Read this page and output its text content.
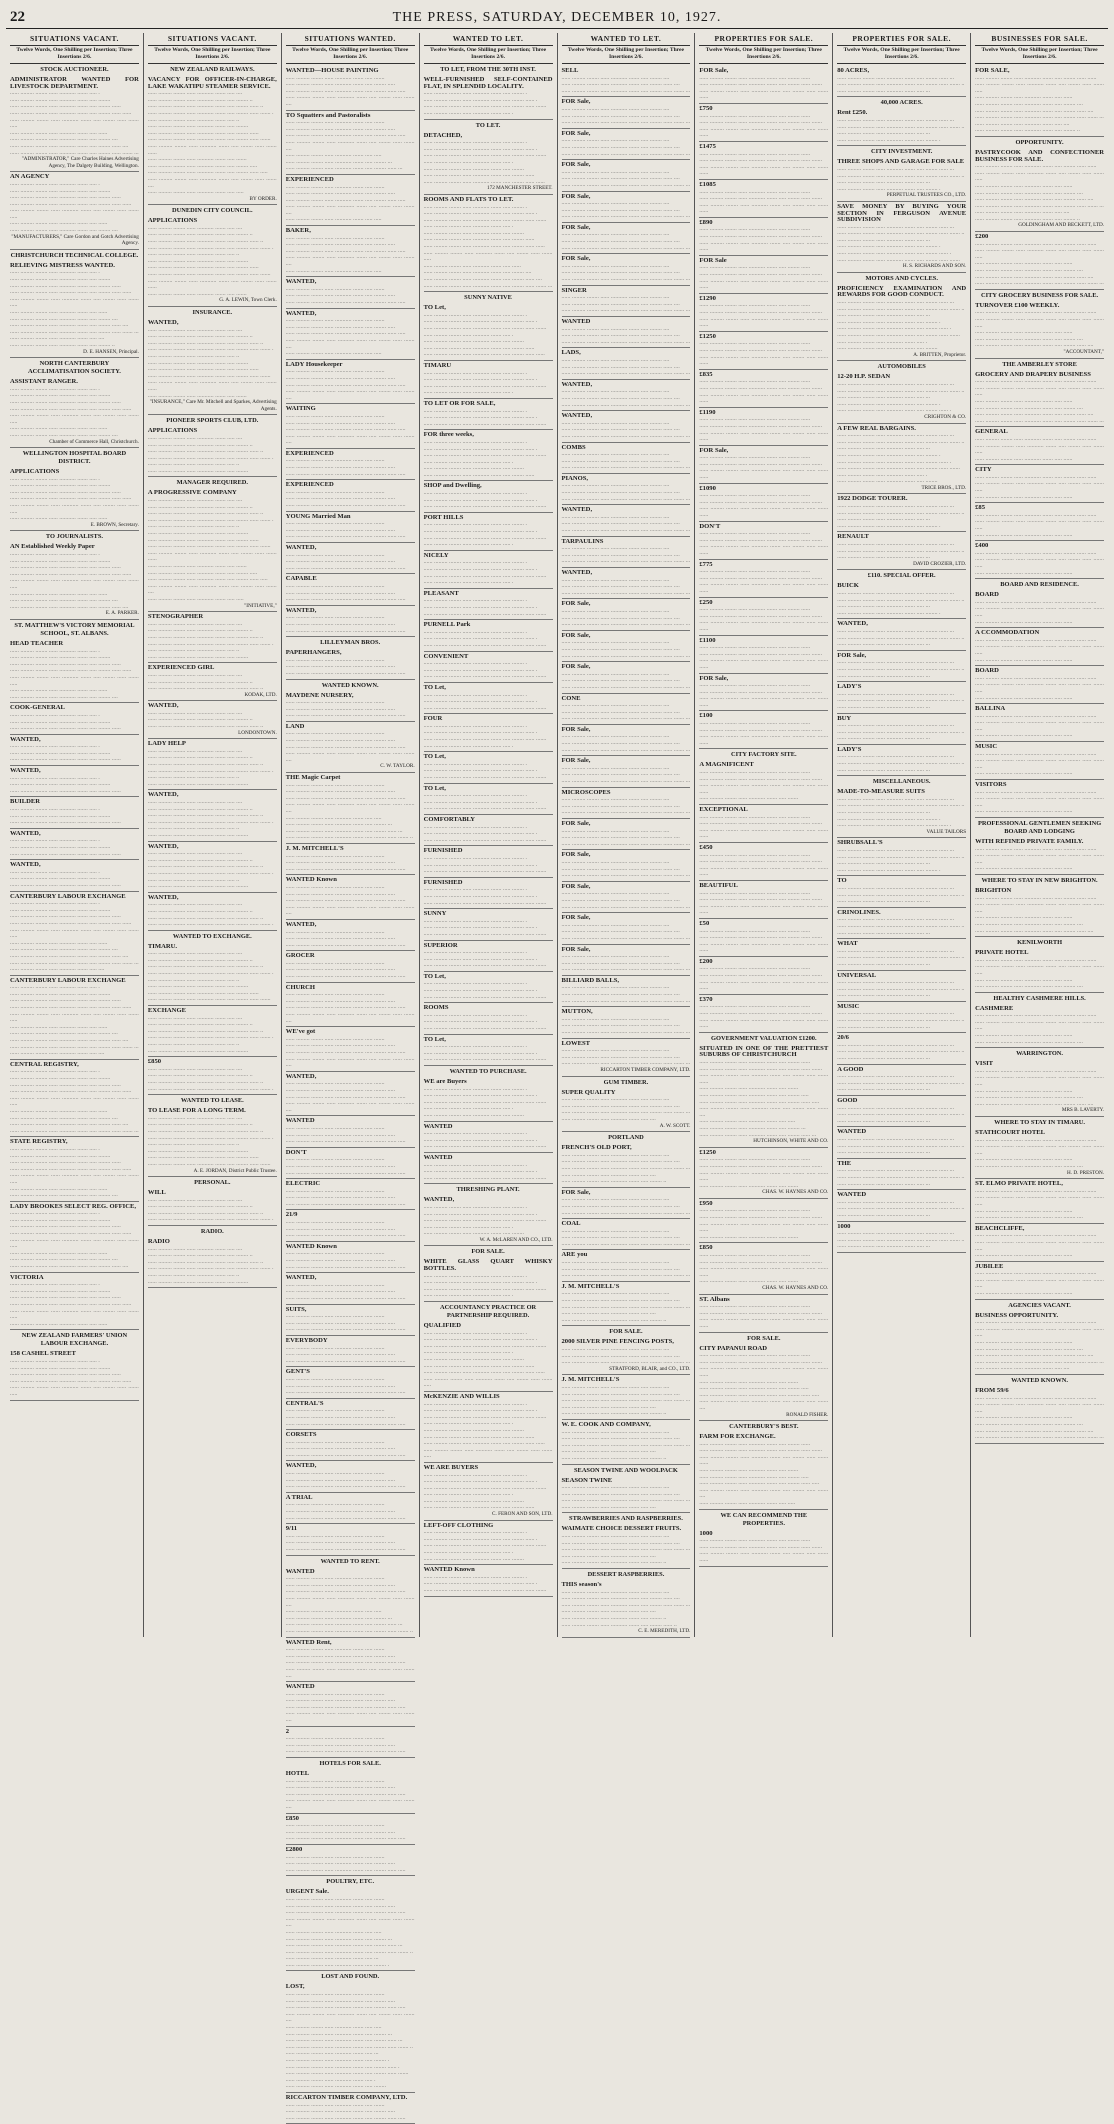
22	THE PRESS, SATURDAY, DECEMBER 10, 1927.
SITUATIONS VACANT.
Twelve Words, One Shilling per Insertion; Three Insertions 2/6.
STOCK AUCTIONEER.
ADMINISTRATOR WANTED FOR LIVESTOCK DEPARTMENT.
...... ......... ........ ...... ........... ....... ..... .
...... ......... ........ ...... ........... ....... ..... ........
...... ......... ........ ...... ........... ....... ..... ........ ......
...... ......... ........ ...... ........... ....... ..... ........ ...... ......
...... ......... ........ ...... ........... ....... ..... ........ ...... ....... .....
...... ......... ........ ...... ........... ....... ..... ......
...... ......... ........ ...... ........... ....... ..... ........ ....
...... ......... ........ ...... ........... ....... ..... ........ ...... ....
...... ......... ........ ...... ........... ....... ..... ........ ...... ....... ...
"ADMINISTRATOR," Care Charles Haines Advertising Agency, The Dalgety Building, Wellington.
AN AGENCY
...... ......... ........ ...... ........... ....... ..... .
...... ......... ........ ...... ........... ....... ..... ........
...... ......... ........ ...... ........... ....... ..... ........ ......
...... ......... ........ ...... ........... ....... ..... ........ ...... ......
...... ......... ........ ...... ........... ....... ..... ........ ...... ....... .....
...... ......... ........ ...... ........... ....... ..... ......
...... ......... ........ ...... ........... ....... ..... ........ ....
"MANUFACTURERS," Care Gordon and Gotch Advertising Agency.
CHRISTCHURCH TECHNICAL COLLEGE.
RELIEVING MISTRESS WANTED.
...... ......... ........ ...... ........... ....... ..... .
...... ......... ........ ...... ........... ....... ..... ........
...... ......... ........ ...... ........... ....... ..... ........ ......
...... ......... ........ ...... ........... ....... ..... ........ ...... ......
...... ......... ........ ...... ........... ....... ..... ........ ...... ....... .....
...... ......... ........ ...... ........... ....... ..... ......
...... ......... ........ ...... ........... ....... ..... ........ ....
...... ......... ........ ...... ........... ....... ..... ........ ...... ....
...... ......... ........ ...... ........... ....... ..... ........ ...... ....... ...
...... ......... ........ ...... ........... ....... ..... ....
...... ......... ........ ...... ........... ....... ..... ........ ..
D. E. HANSEN, Principal.
NORTH CANTERBURY ACCLIMATISATION SOCIETY.
ASSISTANT RANGER.
...... ......... ........ ...... ........... ....... ..... .
...... ......... ........ ...... ........... ....... ..... ........
...... ......... ........ ...... ........... ....... ..... ........ ......
...... ......... ........ ...... ........... ....... ..... ........ ...... ......
...... ......... ........ ...... ........... ....... ..... ........ ...... ....... .....
...... ......... ........ ...... ........... ....... ..... ......
...... ......... ........ ...... ........... ....... ..... ........ ....
Chamber of Commerce Hall, Christchurch.
WELLINGTON HOSPITAL BOARD DISTRICT.
APPLICATIONS
...... ......... ........ ...... ........... ....... ..... .
...... ......... ........ ...... ........... ....... ..... ........
...... ......... ........ ...... ........... ....... ..... ........ ......
...... ......... ........ ...... ........... ....... ..... ........ ...... ......
...... ......... ........ ...... ........... ....... ..... ........ ...... ....... .....
...... ......... ........ ...... ........... ....... ..... ......
E. BROWN, Secretary.
TO JOURNALISTS.
AN Established Weekly Paper
...... ......... ........ ...... ........... ....... ..... .
...... ......... ........ ...... ........... ....... ..... ........
...... ......... ........ ...... ........... ....... ..... ........ ......
...... ......... ........ ...... ........... ....... ..... ........ ...... ......
...... ......... ........ ...... ........... ....... ..... ........ ...... ....... .....
...... ......... ........ ...... ........... ....... ..... ......
...... ......... ........ ...... ........... ....... ..... ........ ....
...... ......... ........ ...... ........... ....... ..... ........ ...... ....
E. A. PARKER.
ST. MATTHEW'S VICTORY MEMORIAL SCHOOL, ST. ALBANS.
HEAD TEACHER
...... ......... ........ ...... ........... ....... ..... .
...... ......... ........ ...... ........... ....... ..... ........
...... ......... ........ ...... ........... ....... ..... ........ ......
...... ......... ........ ...... ........... ....... ..... ........ ...... ......
...... ......... ........ ...... ........... ....... ..... ........ ...... ....... .....
...... ......... ........ ...... ........... ....... ..... ......
...... ......... ........ ...... ........... ....... ..... ........ ....
COOK-GENERAL
...... ......... ........ ...... ........... ....... ..... .
...... ......... ........ ...... ........... ....... ..... ........
...... ......... ........ ...... ........... ....... ..... ........ ......
WANTED,
...... ......... ........ ...... ........... ....... ..... .
...... ......... ........ ...... ........... ....... ..... ........
...... ......... ........ ...... ........... ....... ..... ........ ......
WANTED,
...... ......... ........ ...... ........... ....... ..... .
...... ......... ........ ...... ........... ....... ..... ........
...... ......... ........ ...... ........... ....... ..... ........ ......
BUILDER
...... ......... ........ ...... ........... ....... ..... .
...... ......... ........ ...... ........... ....... ..... ........
...... ......... ........ ...... ........... ....... ..... ........ ......
WANTED,
...... ......... ........ ...... ........... ....... ..... .
...... ......... ........ ...... ........... ....... ..... ........
...... ......... ........ ...... ........... ....... ..... ........ ......
WANTED,
...... ......... ........ ...... ........... ....... ..... .
...... ......... ........ ...... ........... ....... ..... ........
...... ......... ........ ...... ........... ....... ..... ........ ......
CANTERBURY LABOUR EXCHANGE
...... ......... ........ ...... ........... ....... ..... .
...... ......... ........ ...... ........... ....... ..... ........
...... ......... ........ ...... ........... ....... ..... ........ ......
...... ......... ........ ...... ........... ....... ..... ........ ...... ......
...... ......... ........ ...... ........... ....... ..... ........ ...... ....... .....
...... ......... ........ ...... ........... ....... ..... ......
...... ......... ........ ...... ........... ....... ..... ........ ....
...... ......... ........ ...... ........... ....... ..... ........ ...... ....
...... ......... ........ ...... ........... ....... ..... ........ ...... ....... ...
...... ......... ........ ...... ........... ....... ..... ....
CANTERBURY LABOUR EXCHANGE
...... ......... ........ ...... ........... ....... ..... .
...... ......... ........ ...... ........... ....... ..... ........
...... ......... ........ ...... ........... ....... ..... ........ ......
...... ......... ........ ...... ........... ....... ..... ........ ...... ......
...... ......... ........ ...... ........... ....... ..... ........ ...... ....... .....
...... ......... ........ ...... ........... ....... ..... ......
...... ......... ........ ...... ........... ....... ..... ........ ....
...... ......... ........ ...... ........... ....... ..... ........ ...... ....
...... ......... ........ ...... ........... ....... ..... ........ ...... ....... ...
...... ......... ........ ...... ........... ....... ..... ....
CENTRAL REGISTRY,
...... ......... ........ ...... ........... ....... ..... .
...... ......... ........ ...... ........... ....... ..... ........
...... ......... ........ ...... ........... ....... ..... ........ ......
...... ......... ........ ...... ........... ....... ..... ........ ...... ......
...... ......... ........ ...... ........... ....... ..... ........ ...... ....... .....
...... ......... ........ ...... ........... ....... ..... ......
...... ......... ........ ...... ........... ....... ..... ........ ....
...... ......... ........ ...... ........... ....... ..... ........ ...... ....
...... ......... ........ ...... ........... ....... ..... ........ ...... ....... ...
STATE REGISTRY,
...... ......... ........ ...... ........... ....... ..... .
...... ......... ........ ...... ........... ....... ..... ........
...... ......... ........ ...... ........... ....... ..... ........ ......
...... ......... ........ ...... ........... ....... ..... ........ ...... ......
...... ......... ........ ...... ........... ....... ..... ........ ...... ....... .....
...... ......... ........ ...... ........... ....... ..... ......
...... ......... ........ ...... ........... ....... ..... ........ ....
LADY BROOKES SELECT REG. OFFICE,
...... ......... ........ ...... ........... ....... ..... .
...... ......... ........ ...... ........... ....... ..... ........
...... ......... ........ ...... ........... ....... ..... ........ ......
...... ......... ........ ...... ........... ....... ..... ........ ...... ......
...... ......... ........ ...... ........... ....... ..... ........ ...... ....... .....
...... ......... ........ ...... ........... ....... ..... ......
...... ......... ........ ...... ........... ....... ..... ........ ....
...... ......... ........ ...... ........... ....... ..... ........ ...... ....
VICTORIA
...... ......... ........ ...... ........... ....... ..... .
...... ......... ........ ...... ........... ....... ..... ........
...... ......... ........ ...... ........... ....... ..... ........ ......
...... ......... ........ ...... ........... ....... ..... ........ ...... ......
...... ......... ........ ...... ........... ....... ..... ........ ...... ....... .....
...... ......... ........ ...... ........... ....... ..... ......
NEW ZEALAND FARMERS' UNION LABOUR EXCHANGE.
158 CASHEL STREET
...... ......... ........ ...... ........... ....... ..... .
...... ......... ........ ...... ........... ....... ..... ........
...... ......... ........ ...... ........... ....... ..... ........ ......
...... ......... ........ ...... ........... ....... ..... ........ ...... ......
...... ......... ........ ...... ........... ....... ..... ........ ...... ....... .....
SITUATIONS VACANT.
Twelve Words, One Shilling per Insertion; Three Insertions 2/6.
NEW ZEALAND RAILWAYS.
VACANCY FOR OFFICER-IN-CHARGE, LAKE WAKATIPU STEAMER SERVICE.
...... ......... ........ ...... ........... ....... ..... ....
...... ......... ........ ...... ........... ....... ..... ........ ..
...... ......... ........ ...... ........... ....... ..... ........ ...... ..
...... ......... ........ ...... ........... ....... ..... ........ ...... ....... .
...... ......... ........ ...... ........... ....... ..... ..
...... ......... ........ ...... ........... ....... ..... ........
...... ......... ........ ...... ........... ....... ..... ........ ......
...... ......... ........ ...... ........... ....... ..... ........ ...... .......
...... ......... ........ ...... ........... ....... ..... ........ ...... ....... ......
...... ......... ........ ...... ........... ....... ..... .......
...... ......... ........ ...... ........... ....... ..... ........ .....
...... ......... ........ ...... ........... ....... ..... ........ ...... .....
...... ......... ........ ...... ........... ....... ..... ........ ...... ....... ....
...... ......... ........ ...... ........... ....... ..... .....
BY ORDER.
DUNEDIN CITY COUNCIL.
APPLICATIONS
...... ......... ........ ...... ........... ....... ..... ....
...... ......... ........ ...... ........... ....... ..... ........ ..
...... ......... ........ ...... ........... ....... ..... ........ ...... ..
...... ......... ........ ...... ........... ....... ..... ........ ...... ....... .
...... ......... ........ ...... ........... ....... ..... ..
...... ......... ........ ...... ........... ....... ..... ........
...... ......... ........ ...... ........... ....... ..... ........ ......
...... ......... ........ ...... ........... ....... ..... ........ ...... .......
...... ......... ........ ...... ........... ....... ..... ........ ...... ....... ......
...... ......... ........ ...... ........... ....... ..... .......
G. A. LEWIN, Town Clerk.
INSURANCE.
WANTED,
...... ......... ........ ...... ........... ....... ..... ....
...... ......... ........ ...... ........... ....... ..... ........ ..
...... ......... ........ ...... ........... ....... ..... ........ ...... ..
...... ......... ........ ...... ........... ....... ..... ........ ...... ....... .
...... ......... ........ ...... ........... ....... ..... ..
...... ......... ........ ...... ........... ....... ..... ........
...... ......... ........ ...... ........... ....... ..... ........ ......
...... ......... ........ ...... ........... ....... ..... ........ ...... .......
...... ......... ........ ...... ........... ....... ..... ........ ...... ....... ......
...... ......... ........ ...... ........... ....... ..... .......
"INSURANCE," Care Mr. Mitchell and Sparkes, Advertising Agents.
PIONEER SPORTS CLUB, LTD.
APPLICATIONS
...... ......... ........ ...... ........... ....... ..... ....
...... ......... ........ ...... ........... ....... ..... ........ ..
...... ......... ........ ...... ........... ....... ..... ........ ...... ..
...... ......... ........ ...... ........... ....... ..... ........ ...... ....... .
...... ......... ........ ...... ........... ....... ..... ..
...... ......... ........ ...... ........... ....... ..... ........
MANAGER REQUIRED.
A PROGRESSIVE COMPANY
...... ......... ........ ...... ........... ....... ..... ....
...... ......... ........ ...... ........... ....... ..... ........ ..
...... ......... ........ ...... ........... ....... ..... ........ ...... ..
...... ......... ........ ...... ........... ....... ..... ........ ...... ....... .
...... ......... ........ ...... ........... ....... ..... ..
...... ......... ........ ...... ........... ....... ..... ........
...... ......... ........ ...... ........... ....... ..... ........ ......
...... ......... ........ ...... ........... ....... ..... ........ ...... .......
...... ......... ........ ...... ........... ....... ..... ........ ...... ....... ......
...... ......... ........ ...... ........... ....... ..... .......
...... ......... ........ ...... ........... ....... ..... ........ .....
...... ......... ........ ...... ........... ....... ..... ........ ...... .....
...... ......... ........ ...... ........... ....... ..... ........ ...... ....... ....
...... ......... ........ ...... ........... ....... ..... .....
"INITIATIVE,"
STENOGRAPHER
...... ......... ........ ...... ........... ....... ..... ....
...... ......... ........ ...... ........... ....... ..... ........ ..
...... ......... ........ ...... ........... ....... ..... ........ ...... ..
...... ......... ........ ...... ........... ....... ..... ........ ...... ....... .
...... ......... ........ ...... ........... ....... ..... ..
...... ......... ........ ...... ........... ....... ..... ........
EXPERIENCED GIRL
...... ......... ........ ...... ........... ....... ..... ....
...... ......... ........ ...... ........... ....... ..... ........ ..
...... ......... ........ ...... ........... ....... ..... ........ ...... ..
KODAK, LTD.
WANTED,
...... ......... ........ ...... ........... ....... ..... ....
...... ......... ........ ...... ........... ....... ..... ........ ..
...... ......... ........ ...... ........... ....... ..... ........ ...... ..
LONDONTOWN.
LADY HELP
...... ......... ........ ...... ........... ....... ..... ....
...... ......... ........ ...... ........... ....... ..... ........ ..
...... ......... ........ ...... ........... ....... ..... ........ ...... ..
...... ......... ........ ...... ........... ....... ..... ........ ...... ....... .
...... ......... ........ ...... ........... ....... ..... ..
...... ......... ........ ...... ........... ....... ..... ........
WANTED,
...... ......... ........ ...... ........... ....... ..... ....
...... ......... ........ ...... ........... ....... ..... ........ ..
...... ......... ........ ...... ........... ....... ..... ........ ...... ..
...... ......... ........ ...... ........... ....... ..... ........ ...... ....... .
...... ......... ........ ...... ........... ....... ..... ..
...... ......... ........ ...... ........... ....... ..... ........
WANTED,
...... ......... ........ ...... ........... ....... ..... ....
...... ......... ........ ...... ........... ....... ..... ........ ..
...... ......... ........ ...... ........... ....... ..... ........ ...... ..
...... ......... ........ ...... ........... ....... ..... ........ ...... ....... .
...... ......... ........ ...... ........... ....... ..... ..
...... ......... ........ ...... ........... ....... ..... ........
WANTED,
...... ......... ........ ...... ........... ....... ..... ....
...... ......... ........ ...... ........... ....... ..... ........ ..
...... ......... ........ ...... ........... ....... ..... ........ ...... ..
...... ......... ........ ...... ........... ....... ..... ........ ...... ....... .
WANTED TO EXCHANGE.
TIMARU.
...... ......... ........ ...... ........... ....... ..... ....
...... ......... ........ ...... ........... ....... ..... ........ ..
...... ......... ........ ...... ........... ....... ..... ........ ...... ..
...... ......... ........ ...... ........... ....... ..... ........ ...... ....... .
...... ......... ........ ...... ........... ....... ..... ..
...... ......... ........ ...... ........... ....... ..... ........
...... ......... ........ ...... ........... ....... ..... ........ ......
...... ......... ........ ...... ........... ....... ..... ........ ...... .......
EXCHANGE
...... ......... ........ ...... ........... ....... ..... ....
...... ......... ........ ...... ........... ....... ..... ........ ..
...... ......... ........ ...... ........... ....... ..... ........ ...... ..
...... ......... ........ ...... ........... ....... ..... ........ ...... ....... .
...... ......... ........ ...... ........... ....... ..... ..
...... ......... ........ ...... ........... ....... ..... ........
£850
...... ......... ........ ...... ........... ....... ..... ....
...... ......... ........ ...... ........... ....... ..... ........ ..
...... ......... ........ ...... ........... ....... ..... ........ ...... ..
...... ......... ........ ...... ........... ....... ..... ........ ...... ....... .
WANTED TO LEASE.
TO LEASE FOR A LONG TERM.
...... ......... ........ ...... ........... ....... ..... ....
...... ......... ........ ...... ........... ....... ..... ........ ..
...... ......... ........ ...... ........... ....... ..... ........ ...... ..
...... ......... ........ ...... ........... ....... ..... ........ ...... ....... .
...... ......... ........ ...... ........... ....... ..... ..
...... ......... ........ ...... ........... ....... ..... ........
...... ......... ........ ...... ........... ....... ..... ........ ......
...... ......... ........ ...... ........... ....... ..... ........ ...... .......
A. E. JORDAN, District Public Trustee.
PERSONAL.
WILL
...... ......... ........ ...... ........... ....... ..... ....
...... ......... ........ ...... ........... ....... ..... ........ ..
...... ......... ........ ...... ........... ....... ..... ........ ...... ..
...... ......... ........ ...... ........... ....... ..... ........ ...... ....... .
RADIO.
RADIO
...... ......... ........ ...... ........... ....... ..... ....
...... ......... ........ ...... ........... ....... ..... ........ ..
...... ......... ........ ...... ........... ....... ..... ........ ...... ..
...... ......... ........ ...... ........... ....... ..... ........ ...... ....... .
...... ......... ........ ...... ........... ....... ..... ..
...... ......... ........ ...... ........... ....... ..... ........
SITUATIONS WANTED.
Twelve Words, One Shilling per Insertion; Three Insertions 2/6.
WANTED—HOUSE PAINTING
...... ......... ........ ...... ........... ....... ..... .......
...... ......... ........ ...... ........... ....... ..... ........ .....
...... ......... ........ ...... ........... ....... ..... ........ ...... .....
...... ......... ........ ...... ........... ....... ..... ........ ...... ....... ....
TO Squatters and Pastoralists
...... ......... ........ ...... ........... ....... ..... .......
...... ......... ........ ...... ........... ....... ..... ........ .....
...... ......... ........ ...... ........... ....... ..... ........ ...... .....
...... ......... ........ ...... ........... ....... ..... ........ ...... ....... ....
...... ......... ........ ...... ........... ....... ..... .....
...... ......... ........ ...... ........... ....... ..... ........ ...
...... ......... ........ ...... ........... ....... ..... ........ ...... ...
EXPERIENCED
...... ......... ........ ...... ........... ....... ..... .......
...... ......... ........ ...... ........... ....... ..... ........ .....
...... ......... ........ ...... ........... ....... ..... ........ ...... .....
...... ......... ........ ...... ........... ....... ..... ........ ...... ....... ....
...... ......... ........ ...... ........... ....... ..... .....
BAKER,
...... ......... ........ ...... ........... ....... ..... .......
...... ......... ........ ...... ........... ....... ..... ........ .....
...... ......... ........ ...... ........... ....... ..... ........ ...... .....
...... ......... ........ ...... ........... ....... ..... ........ ...... ....... ....
...... ......... ........ ...... ........... ....... ..... .....
WANTED,
...... ......... ........ ...... ........... ....... ..... .......
...... ......... ........ ...... ........... ....... ..... ........ .....
...... ......... ........ ...... ........... ....... ..... ........ ...... .....
WANTED,
...... ......... ........ ...... ........... ....... ..... .......
...... ......... ........ ...... ........... ....... ..... ........ .....
...... ......... ........ ...... ........... ....... ..... ........ ...... .....
...... ......... ........ ...... ........... ....... ..... ........ ...... ....... ....
...... ......... ........ ...... ........... ....... ..... .....
LADY Housekeeper
...... ......... ........ ...... ........... ....... ..... .......
...... ......... ........ ...... ........... ....... ..... ........ .....
...... ......... ........ ...... ........... ....... ..... ........ ...... .....
...... ......... ........ ...... ........... ....... ..... ........ ...... ....... ....
WAITING
...... ......... ........ ...... ........... ....... ..... .......
...... ......... ........ ...... ........... ....... ..... ........ .....
...... ......... ........ ...... ........... ....... ..... ........ ...... .....
...... ......... ........ ...... ........... ....... ..... ........ ...... ....... ....
EXPERIENCED
...... ......... ........ ...... ........... ....... ..... .......
...... ......... ........ ...... ........... ....... ..... ........ .....
...... ......... ........ ...... ........... ....... ..... ........ ...... .....
EXPERIENCED
...... ......... ........ ...... ........... ....... ..... .......
...... ......... ........ ...... ........... ....... ..... ........ .....
...... ......... ........ ...... ........... ....... ..... ........ ...... .....
YOUNG Married Man
...... ......... ........ ...... ........... ....... ..... .......
...... ......... ........ ...... ........... ....... ..... ........ .....
...... ......... ........ ...... ........... ....... ..... ........ ...... .....
WANTED,
...... ......... ........ ...... ........... ....... ..... .......
...... ......... ........ ...... ........... ....... ..... ........ .....
...... ......... ........ ...... ........... ....... ..... ........ ...... .....
CAPABLE
...... ......... ........ ...... ........... ....... ..... .......
...... ......... ........ ...... ........... ....... ..... ........ .....
...... ......... ........ ...... ........... ....... ..... ........ ...... .....
WANTED,
...... ......... ........ ...... ........... ....... ..... .......
...... ......... ........ ...... ........... ....... ..... ........ .....
...... ......... ........ ...... ........... ....... ..... ........ ...... .....
LILLEYMAN BROS.
PAPERHANGERS,
...... ......... ........ ...... ........... ....... ..... .......
...... ......... ........ ...... ........... ....... ..... ........ .....
...... ......... ........ ...... ........... ....... ..... ........ ...... .....
WANTED KNOWN.
MAYDENE NURSERY,
...... ......... ........ ...... ........... ....... ..... .......
...... ......... ........ ...... ........... ....... ..... ........ .....
...... ......... ........ ...... ........... ....... ..... ........ ...... .....
LAND
...... ......... ........ ...... ........... ....... ..... .......
...... ......... ........ ...... ........... ....... ..... ........ .....
...... ......... ........ ...... ........... ....... ..... ........ ...... .....
...... ......... ........ ...... ........... ....... ..... ........ ...... ....... ....
C. W. TAYLOR.
THE Magic Carpet
...... ......... ........ ...... ........... ....... ..... .......
...... ......... ........ ...... ........... ....... ..... ........ .....
...... ......... ........ ...... ........... ....... ..... ........ ...... .....
...... ......... ........ ...... ........... ....... ..... ........ ...... ....... ....
...... ......... ........ ...... ........... ....... ..... .....
...... ......... ........ ...... ........... ....... ..... ........ ...
...... ......... ........ ...... ........... ....... ..... ........ ...... ...
...... ......... ........ ...... ........... ....... ..... ........ ...... ....... ..
J. M. MITCHELL'S
...... ......... ........ ...... ........... ....... ..... .......
...... ......... ........ ...... ........... ....... ..... ........ .....
...... ......... ........ ...... ........... ....... ..... ........ ...... .....
WANTED Known
...... ......... ........ ...... ........... ....... ..... .......
...... ......... ........ ...... ........... ....... ..... ........ .....
...... ......... ........ ...... ........... ....... ..... ........ ...... .....
...... ......... ........ ...... ........... ....... ..... ........ ...... ....... ....
WANTED,
...... ......... ........ ...... ........... ....... ..... .......
...... ......... ........ ...... ........... ....... ..... ........ .....
...... ......... ........ ...... ........... ....... ..... ........ ...... .....
GROCER
...... ......... ........ ...... ........... ....... ..... .......
...... ......... ........ ...... ........... ....... ..... ........ .....
...... ......... ........ ...... ........... ....... ..... ........ ...... .....
CHURCH
...... ......... ........ ...... ........... ....... ..... .......
...... ......... ........ ...... ........... ....... ..... ........ .....
...... ......... ........ ...... ........... ....... ..... ........ ...... .....
...... ......... ........ ...... ........... ....... ..... ........ ...... ....... ....
WE've got
...... ......... ........ ...... ........... ....... ..... .......
...... ......... ........ ...... ........... ....... ..... ........ .....
...... ......... ........ ...... ........... ....... ..... ........ ...... .....
...... ......... ........ ...... ........... ....... ..... ........ ...... ....... ....
WANTED,
...... ......... ........ ...... ........... ....... ..... .......
...... ......... ........ ...... ........... ....... ..... ........ .....
...... ......... ........ ...... ........... ....... ..... ........ ...... .....
...... ......... ........ ...... ........... ....... ..... ........ ...... ....... ....
WANTED
...... ......... ........ ...... ........... ....... ..... .......
...... ......... ........ ...... ........... ....... ..... ........ .....
...... ......... ........ ...... ........... ....... ..... ........ ...... .....
DON'T
...... ......... ........ ...... ........... ....... ..... .......
...... ......... ........ ...... ........... ....... ..... ........ .....
...... ......... ........ ...... ........... ....... ..... ........ ...... .....
ELECTRIC
...... ......... ........ ...... ........... ....... ..... .......
...... ......... ........ ...... ........... ....... ..... ........ .....
...... ......... ........ ...... ........... ....... ..... ........ ...... .....
21/9
...... ......... ........ ...... ........... ....... ..... .......
...... ......... ........ ...... ........... ....... ..... ........ .....
...... ......... ........ ...... ........... ....... ..... ........ ...... .....
WANTED Known
...... ......... ........ ...... ........... ....... ..... .......
...... ......... ........ ...... ........... ....... ..... ........ .....
...... ......... ........ ...... ........... ....... ..... ........ ...... .....
WANTED,
...... ......... ........ ...... ........... ....... ..... .......
...... ......... ........ ...... ........... ....... ..... ........ .....
...... ......... ........ ...... ........... ....... ..... ........ ...... .....
SUITS,
...... ......... ........ ...... ........... ....... ..... .......
...... ......... ........ ...... ........... ....... ..... ........ .....
...... ......... ........ ...... ........... ....... ..... ........ ...... .....
EVERYBODY
...... ......... ........ ...... ........... ....... ..... .......
...... ......... ........ ...... ........... ....... ..... ........ .....
...... ......... ........ ...... ........... ....... ..... ........ ...... .....
GENT'S
...... ......... ........ ...... ........... ....... ..... .......
...... ......... ........ ...... ........... ....... ..... ........ .....
...... ......... ........ ...... ........... ....... ..... ........ ...... .....
CENTRAL'S
...... ......... ........ ...... ........... ....... ..... .......
...... ......... ........ ...... ........... ....... ..... ........ .....
...... ......... ........ ...... ........... ....... ..... ........ ...... .....
CORSETS
...... ......... ........ ...... ........... ....... ..... .......
...... ......... ........ ...... ........... ....... ..... ........ .....
...... ......... ........ ...... ........... ....... ..... ........ ...... .....
WANTED,
...... ......... ........ ...... ........... ....... ..... .......
...... ......... ........ ...... ........... ....... ..... ........ .....
...... ......... ........ ...... ........... ....... ..... ........ ...... .....
A TRIAL
...... ......... ........ ...... ........... ....... ..... .......
...... ......... ........ ...... ........... ....... ..... ........ .....
...... ......... ........ ...... ........... ....... ..... ........ ...... .....
9/11
...... ......... ........ ...... ........... ....... ..... .......
...... ......... ........ ...... ........... ....... ..... ........ .....
...... ......... ........ ...... ........... ....... ..... ........ ...... .....
WANTED TO RENT.
WANTED
...... ......... ........ ...... ........... ....... ..... .......
...... ......... ........ ...... ........... ....... ..... ........ .....
...... ......... ........ ...... ........... ....... ..... ........ ...... .....
...... ......... ........ ...... ........... ....... ..... ........ ...... ....... ....
...... ......... ........ ...... ........... ....... ..... .....
...... ......... ........ ...... ........... ....... ..... ........ ...
...... ......... ........ ...... ........... ....... ..... ........ ...... ...
...... ......... ........ ...... ........... ....... ..... ........ ...... ....... ..
WANTED Rent,
...... ......... ........ ...... ........... ....... ..... .......
...... ......... ........ ...... ........... ....... ..... ........ .....
...... ......... ........ ...... ........... ....... ..... ........ ...... .....
...... ......... ........ ...... ........... ....... ..... ........ ...... ....... ....
WANTED
...... ......... ........ ...... ........... ....... ..... .......
...... ......... ........ ...... ........... ....... ..... ........ .....
...... ......... ........ ...... ........... ....... ..... ........ ...... .....
...... ......... ........ ...... ........... ....... ..... ........ ...... ....... ....
2
...... ......... ........ ...... ........... ....... ..... .......
...... ......... ........ ...... ........... ....... ..... ........ .....
...... ......... ........ ...... ........... ....... ..... ........ ...... .....
HOTELS FOR SALE.
HOTEL
...... ......... ........ ...... ........... ....... ..... .......
...... ......... ........ ...... ........... ....... ..... ........ .....
...... ......... ........ ...... ........... ....... ..... ........ ...... .....
...... ......... ........ ...... ........... ....... ..... ........ ...... ....... ....
£850
...... ......... ........ ...... ........... ....... ..... .......
...... ......... ........ ...... ........... ....... ..... ........ .....
...... ......... ........ ...... ........... ....... ..... ........ ...... .....
£2800
...... ......... ........ ...... ........... ....... ..... .......
...... ......... ........ ...... ........... ....... ..... ........ .....
...... ......... ........ ...... ........... ....... ..... ........ ...... .....
POULTRY, ETC.
URGENT Sale.
...... ......... ........ ...... ........... ....... ..... .......
...... ......... ........ ...... ........... ....... ..... ........ .....
...... ......... ........ ...... ........... ....... ..... ........ ...... .....
...... ......... ........ ...... ........... ....... ..... ........ ...... ....... ....
...... ......... ........ ...... ........... ....... ..... .....
...... ......... ........ ...... ........... ....... ..... ........ ...
...... ......... ........ ...... ........... ....... ..... ........ ...... ...
...... ......... ........ ...... ........... ....... ..... ........ ...... ....... ..
...... ......... ........ ...... ........... ....... ..... ...
...... ......... ........ ...... ........... ....... ..... ........ .
LOST AND FOUND.
LOST,
...... ......... ........ ...... ........... ....... ..... .......
...... ......... ........ ...... ........... ....... ..... ........ .....
...... ......... ........ ...... ........... ....... ..... ........ ...... .....
...... ......... ........ ...... ........... ....... ..... ........ ...... ....... ....
...... ......... ........ ...... ........... ....... ..... .....
...... ......... ........ ...... ........... ....... ..... ........ ...
...... ......... ........ ...... ........... ....... ..... ........ ...... ...
...... ......... ........ ...... ........... ....... ..... ........ ...... ....... ..
...... ......... ........ ...... ........... ....... ..... ...
...... ......... ........ ...... ........... ....... ..... ........ .
...... ......... ........ ...... ........... ....... ..... ........ ...... .
...... ......... ........ ...... ........... ....... ..... ........ ...... .......
...... ......... ........ ...... ........... ....... ..... .
...... ......... ........ ...... ........... ....... ..... ........
RICCARTON TIMBER COMPANY, LTD.
...... ......... ........ ...... ........... ....... ..... .......
...... ......... ........ ...... ........... ....... ..... ........ .....
...... ......... ........ ...... ........... ....... ..... ........ ...... .....
WANTED TO LET.
Twelve Words, One Shilling per Insertion; Three Insertions 2/6.
TO LET, FROM THE 30TH INST.
WELL-FURNISHED SELF-CONTAINED FLAT, IN SPLENDID LOCALITY.
...... ......... ........ ...... ........... ....... ..... ........ .
...... ......... ........ ...... ........... ....... ..... ........ ...... .
...... ......... ........ ...... ........... ....... ..... ........ ...... .......
...... ......... ........ ...... ........... ....... ..... .
TO LET.
DETACHED,
...... ......... ........ ...... ........... ....... ..... ........ .
...... ......... ........ ...... ........... ....... ..... ........ ...... .
...... ......... ........ ...... ........... ....... ..... ........ ...... .......
...... ......... ........ ...... ........... ....... ..... .
...... ......... ........ ...... ........... ....... ..... ........
...... ......... ........ ...... ........... ....... ..... ........ ......
...... ......... ........ ...... ........... ....... ..... ........ ...... ......
172 MANCHESTER STREET.
ROOMS AND FLATS TO LET.
...... ......... ........ ...... ........... ....... ..... ........ .
...... ......... ........ ...... ........... ....... ..... ........ ...... .
...... ......... ........ ...... ........... ....... ..... ........ ...... .......
...... ......... ........ ...... ........... ....... ..... .
...... ......... ........ ...... ........... ....... ..... ........
...... ......... ........ ...... ........... ....... ..... ........ ......
...... ......... ........ ...... ........... ....... ..... ........ ...... ......
...... ......... ........ ...... ........... ....... ..... ........ ...... ....... .....
...... ......... ........ ...... ........... ....... ..... ......
...... ......... ........ ...... ........... ....... ..... ........ ....
...... ......... ........ ...... ........... ....... ..... ........ ...... ....
...... ......... ........ ...... ........... ....... ..... ........ ...... ....... ...
SUNNY NATIVE
TO Let,
...... ......... ........ ...... ........... ....... ..... ........ .
...... ......... ........ ...... ........... ....... ..... ........ ...... .
...... ......... ........ ...... ........... ....... ..... ........ ...... .......
...... ......... ........ ...... ........... ....... ..... .
...... ......... ........ ...... ........... ....... ..... ........
...... ......... ........ ...... ........... ....... ..... ........ ......
...... ......... ........ ...... ........... ....... ..... ........ ...... ......
TIMARU
...... ......... ........ ...... ........... ....... ..... ........ .
...... ......... ........ ...... ........... ....... ..... ........ ...... .
...... ......... ........ ...... ........... ....... ..... ........ ...... .......
...... ......... ........ ...... ........... ....... ..... .
TO LET OR FOR SALE,
...... ......... ........ ...... ........... ....... ..... ........ .
...... ......... ........ ...... ........... ....... ..... ........ ...... .
...... ......... ........ ...... ........... ....... ..... ........ ...... .......
FOR three weeks,
...... ......... ........ ...... ........... ....... ..... ........ .
...... ......... ........ ...... ........... ....... ..... ........ ...... .
...... ......... ........ ...... ........... ....... ..... ........ ...... .......
...... ......... ........ ...... ........... ....... ..... .
...... ......... ........ ...... ........... ....... ..... ........
...... ......... ........ ...... ........... ....... ..... ........ ......
SHOP and Dwelling,
...... ......... ........ ...... ........... ....... ..... ........ .
...... ......... ........ ...... ........... ....... ..... ........ ...... .
...... ......... ........ ...... ........... ....... ..... ........ ...... .......
PORT HILLS
...... ......... ........ ...... ........... ....... ..... ........ .
...... ......... ........ ...... ........... ....... ..... ........ ...... .
...... ......... ........ ...... ........... ....... ..... ........ ...... .......
...... ......... ........ ...... ........... ....... ..... .
NICELY
...... ......... ........ ...... ........... ....... ..... ........ .
...... ......... ........ ...... ........... ....... ..... ........ ...... .
...... ......... ........ ...... ........... ....... ..... ........ ...... .......
...... ......... ........ ...... ........... ....... ..... .
PLEASANT
...... ......... ........ ...... ........... ....... ..... ........ .
...... ......... ........ ...... ........... ....... ..... ........ ...... .
...... ......... ........ ...... ........... ....... ..... ........ ...... .......
PURNELL Park
...... ......... ........ ...... ........... ....... ..... ........ .
...... ......... ........ ...... ........... ....... ..... ........ ...... .
...... ......... ........ ...... ........... ....... ..... ........ ...... .......
CONVENIENT
...... ......... ........ ...... ........... ....... ..... ........ .
...... ......... ........ ...... ........... ....... ..... ........ ...... .
...... ......... ........ ...... ........... ....... ..... ........ ...... .......
TO Let,
...... ......... ........ ...... ........... ....... ..... ........ .
...... ......... ........ ...... ........... ....... ..... ........ ...... .
...... ......... ........ ...... ........... ....... ..... ........ ...... .......
FOUR
...... ......... ........ ...... ........... ....... ..... ........ .
...... ......... ........ ...... ........... ....... ..... ........ ...... .
...... ......... ........ ...... ........... ....... ..... ........ ...... .......
...... ......... ........ ...... ........... ....... ..... .
TO Let,
...... ......... ........ ...... ........... ....... ..... ........ .
...... ......... ........ ...... ........... ....... ..... ........ ...... .
...... ......... ........ ...... ........... ....... ..... ........ ...... .......
TO Let,
...... ......... ........ ...... ........... ....... ..... ........ .
...... ......... ........ ...... ........... ....... ..... ........ ...... .
...... ......... ........ ...... ........... ....... ..... ........ ...... .......
COMFORTABLY
...... ......... ........ ...... ........... ....... ..... ........ .
...... ......... ........ ...... ........... ....... ..... ........ ...... .
...... ......... ........ ...... ........... ....... ..... ........ ...... .......
FURNISHED
...... ......... ........ ...... ........... ....... ..... ........ .
...... ......... ........ ...... ........... ....... ..... ........ ...... .
...... ......... ........ ...... ........... ....... ..... ........ ...... .......
FURNISHED
...... ......... ........ ...... ........... ....... ..... ........ .
...... ......... ........ ...... ........... ....... ..... ........ ...... .
...... ......... ........ ...... ........... ....... ..... ........ ...... .......
SUNNY
...... ......... ........ ...... ........... ....... ..... ........ .
...... ......... ........ ...... ........... ....... ..... ........ ...... .
...... ......... ........ ...... ........... ....... ..... ........ ...... .......
SUPERIOR
...... ......... ........ ...... ........... ....... ..... ........ .
...... ......... ........ ...... ........... ....... ..... ........ ...... .
...... ......... ........ ...... ........... ....... ..... ........ ...... .......
TO Let,
...... ......... ........ ...... ........... ....... ..... ........ .
...... ......... ........ ...... ........... ....... ..... ........ ...... .
...... ......... ........ ...... ........... ....... ..... ........ ...... .......
ROOMS
...... ......... ........ ...... ........... ....... ..... ........ .
...... ......... ........ ...... ........... ....... ..... ........ ...... .
...... ......... ........ ...... ........... ....... ..... ........ ...... .......
TO Let,
...... ......... ........ ...... ........... ....... ..... ........ .
...... ......... ........ ...... ........... ....... ..... ........ ...... .
...... ......... ........ ...... ........... ....... ..... ........ ...... .......
WANTED TO PURCHASE.
WE are Buyers
...... ......... ........ ...... ........... ....... ..... ........ .
...... ......... ........ ...... ........... ....... ..... ........ ...... .
...... ......... ........ ...... ........... ....... ..... ........ ...... .......
...... ......... ........ ...... ........... ....... ..... .
...... ......... ........ ...... ........... ....... ..... ........
WANTED
...... ......... ........ ...... ........... ....... ..... ........ .
...... ......... ........ ...... ........... ....... ..... ........ ...... .
...... ......... ........ ...... ........... ....... ..... ........ ...... .......
WANTED
...... ......... ........ ...... ........... ....... ..... ........ .
...... ......... ........ ...... ........... ....... ..... ........ ...... .
...... ......... ........ ...... ........... ....... ..... ........ ...... .......
THRESHING PLANT.
WANTED,
...... ......... ........ ...... ........... ....... ..... ........ .
...... ......... ........ ...... ........... ....... ..... ........ ...... .
...... ......... ........ ...... ........... ....... ..... ........ ...... .......
...... ......... ........ ...... ........... ....... ..... .
...... ......... ........ ...... ........... ....... ..... ........
W. A. McLAREN AND CO., LTD.
FOR SALE.
WHITE GLASS QUART WHISKY BOTTLES.
...... ......... ........ ...... ........... ....... ..... ........ .
...... ......... ........ ...... ........... ....... ..... ........ ...... .
...... ......... ........ ...... ........... ....... ..... ........ ...... .......
...... ......... ........ ...... ........... ....... ..... .
ACCOUNTANCY PRACTICE OR PARTNERSHIP REQUIRED.
QUALIFIED
...... ......... ........ ...... ........... ....... ..... ........ .
...... ......... ........ ...... ........... ....... ..... ........ ...... .
...... ......... ........ ...... ........... ....... ..... ........ ...... .......
...... ......... ........ ...... ........... ....... ..... .
...... ......... ........ ...... ........... ....... ..... ........
...... ......... ........ ...... ........... ....... ..... ........ ......
...... ......... ........ ...... ........... ....... ..... ........ ...... ......
...... ......... ........ ...... ........... ....... ..... ........ ...... ....... .....
McKENZIE AND WILLIS
...... ......... ........ ...... ........... ....... ..... ........ .
...... ......... ........ ...... ........... ....... ..... ........ ...... .
...... ......... ........ ...... ........... ....... ..... ........ ...... .......
...... ......... ........ ...... ........... ....... ..... .
...... ......... ........ ...... ........... ....... ..... ........
...... ......... ........ ...... ........... ....... ..... ........ ......
...... ......... ........ ...... ........... ....... ..... ........ ...... ......
...... ......... ........ ...... ........... ....... ..... ........ ...... ....... .....
WE ARE BUYERS
...... ......... ........ ...... ........... ....... ..... ........ .
...... ......... ........ ...... ........... ....... ..... ........ ...... .
...... ......... ........ ...... ........... ....... ..... ........ ...... .......
...... ......... ........ ...... ........... ....... ..... .
...... ......... ........ ...... ........... ....... ..... ........
...... ......... ........ ...... ........... ....... ..... ........ ......
C. FERON AND SON, LTD.
LEFT-OFF CLOTHING
...... ......... ........ ...... ........... ....... ..... ........ .
...... ......... ........ ...... ........... ....... ..... ........ ...... .
...... ......... ........ ...... ........... ....... ..... ........ ...... .......
...... ......... ........ ...... ........... ....... ..... .
...... ......... ........ ...... ........... ....... ..... ........
WANTED Known
...... ......... ........ ...... ........... ....... ..... ........ .
...... ......... ........ ...... ........... ....... ..... ........ ...... .
...... ......... ........ ...... ........... ....... ..... ........ ...... .......
WANTED TO LET.
Twelve Words, One Shilling per Insertion; Three Insertions 2/6.
SELL
...... ......... ........ ...... ........... ....... ..... ........ ....
...... ......... ........ ...... ........... ....... ..... ........ ...... ....
...... ......... ........ ...... ........... ....... ..... ........ ...... ....... ...
FOR Sale,
...... ......... ........ ...... ........... ....... ..... ........ ....
...... ......... ........ ...... ........... ....... ..... ........ ...... ....
...... ......... ........ ...... ........... ....... ..... ........ ...... ....... ...
FOR Sale,
...... ......... ........ ...... ........... ....... ..... ........ ....
...... ......... ........ ...... ........... ....... ..... ........ ...... ....
...... ......... ........ ...... ........... ....... ..... ........ ...... ....... ...
FOR Sale,
...... ......... ........ ...... ........... ....... ..... ........ ....
...... ......... ........ ...... ........... ....... ..... ........ ...... ....
...... ......... ........ ...... ........... ....... ..... ........ ...... ....... ...
FOR Sale,
...... ......... ........ ...... ........... ....... ..... ........ ....
...... ......... ........ ...... ........... ....... ..... ........ ...... ....
...... ......... ........ ...... ........... ....... ..... ........ ...... ....... ...
FOR Sale,
...... ......... ........ ...... ........... ....... ..... ........ ....
...... ......... ........ ...... ........... ....... ..... ........ ...... ....
...... ......... ........ ...... ........... ....... ..... ........ ...... ....... ...
FOR Sale,
...... ......... ........ ...... ........... ....... ..... ........ ....
...... ......... ........ ...... ........... ....... ..... ........ ...... ....
...... ......... ........ ...... ........... ....... ..... ........ ...... ....... ...
SINGER
...... ......... ........ ...... ........... ....... ..... ........ ....
...... ......... ........ ...... ........... ....... ..... ........ ...... ....
...... ......... ........ ...... ........... ....... ..... ........ ...... ....... ...
WANTED
...... ......... ........ ...... ........... ....... ..... ........ ....
...... ......... ........ ...... ........... ....... ..... ........ ...... ....
...... ......... ........ ...... ........... ....... ..... ........ ...... ....... ...
LADS,
...... ......... ........ ...... ........... ....... ..... ........ ....
...... ......... ........ ...... ........... ....... ..... ........ ...... ....
...... ......... ........ ...... ........... ....... ..... ........ ...... ....... ...
WANTED,
...... ......... ........ ...... ........... ....... ..... ........ ....
...... ......... ........ ...... ........... ....... ..... ........ ...... ....
...... ......... ........ ...... ........... ....... ..... ........ ...... ....... ...
WANTED,
...... ......... ........ ...... ........... ....... ..... ........ ....
...... ......... ........ ...... ........... ....... ..... ........ ...... ....
...... ......... ........ ...... ........... ....... ..... ........ ...... ....... ...
COMBS
...... ......... ........ ...... ........... ....... ..... ........ ....
...... ......... ........ ...... ........... ....... ..... ........ ...... ....
...... ......... ........ ...... ........... ....... ..... ........ ...... ....... ...
PIANOS,
...... ......... ........ ...... ........... ....... ..... ........ ....
...... ......... ........ ...... ........... ....... ..... ........ ...... ....
...... ......... ........ ...... ........... ....... ..... ........ ...... ....... ...
WANTED,
...... ......... ........ ...... ........... ....... ..... ........ ....
...... ......... ........ ...... ........... ....... ..... ........ ...... ....
...... ......... ........ ...... ........... ....... ..... ........ ...... ....... ...
TARPAULINS
...... ......... ........ ...... ........... ....... ..... ........ ....
...... ......... ........ ...... ........... ....... ..... ........ ...... ....
...... ......... ........ ...... ........... ....... ..... ........ ...... ....... ...
WANTED,
...... ......... ........ ...... ........... ....... ..... ........ ....
...... ......... ........ ...... ........... ....... ..... ........ ...... ....
...... ......... ........ ...... ........... ....... ..... ........ ...... ....... ...
FOR Sale,
...... ......... ........ ...... ........... ....... ..... ........ ....
...... ......... ........ ...... ........... ....... ..... ........ ...... ....
...... ......... ........ ...... ........... ....... ..... ........ ...... ....... ...
FOR Sale,
...... ......... ........ ...... ........... ....... ..... ........ ....
...... ......... ........ ...... ........... ....... ..... ........ ...... ....
...... ......... ........ ...... ........... ....... ..... ........ ...... ....... ...
FOR Sale,
...... ......... ........ ...... ........... ....... ..... ........ ....
...... ......... ........ ...... ........... ....... ..... ........ ...... ....
...... ......... ........ ...... ........... ....... ..... ........ ...... ....... ...
CONE
...... ......... ........ ...... ........... ....... ..... ........ ....
...... ......... ........ ...... ........... ....... ..... ........ ...... ....
...... ......... ........ ...... ........... ....... ..... ........ ...... ....... ...
FOR Sale,
...... ......... ........ ...... ........... ....... ..... ........ ....
...... ......... ........ ...... ........... ....... ..... ........ ...... ....
...... ......... ........ ...... ........... ....... ..... ........ ...... ....... ...
FOR Sale,
...... ......... ........ ...... ........... ....... ..... ........ ....
...... ......... ........ ...... ........... ....... ..... ........ ...... ....
...... ......... ........ ...... ........... ....... ..... ........ ...... ....... ...
MICROSCOPES
...... ......... ........ ...... ........... ....... ..... ........ ....
...... ......... ........ ...... ........... ....... ..... ........ ...... ....
...... ......... ........ ...... ........... ....... ..... ........ ...... ....... ...
FOR Sale,
...... ......... ........ ...... ........... ....... ..... ........ ....
...... ......... ........ ...... ........... ....... ..... ........ ...... ....
...... ......... ........ ...... ........... ....... ..... ........ ...... ....... ...
FOR Sale,
...... ......... ........ ...... ........... ....... ..... ........ ....
...... ......... ........ ...... ........... ....... ..... ........ ...... ....
...... ......... ........ ...... ........... ....... ..... ........ ...... ....... ...
FOR Sale,
...... ......... ........ ...... ........... ....... ..... ........ ....
...... ......... ........ ...... ........... ....... ..... ........ ...... ....
...... ......... ........ ...... ........... ....... ..... ........ ...... ....... ...
FOR Sale,
...... ......... ........ ...... ........... ....... ..... ........ ....
...... ......... ........ ...... ........... ....... ..... ........ ...... ....
...... ......... ........ ...... ........... ....... ..... ........ ...... ....... ...
FOR Sale,
...... ......... ........ ...... ........... ....... ..... ........ ....
...... ......... ........ ...... ........... ....... ..... ........ ...... ....
...... ......... ........ ...... ........... ....... ..... ........ ...... ....... ...
BILLIARD BALLS,
...... ......... ........ ...... ........... ....... ..... ........ ....
...... ......... ........ ...... ........... ....... ..... ........ ...... ....
...... ......... ........ ...... ........... ....... ..... ........ ...... ....... ...
MUTTON,
...... ......... ........ ...... ........... ....... ..... ........ ....
...... ......... ........ ...... ........... ....... ..... ........ ...... ....
...... ......... ........ ...... ........... ....... ..... ........ ...... ....... ...
LOWEST
...... ......... ........ ...... ........... ....... ..... ........ ....
...... ......... ........ ...... ........... ....... ..... ........ ...... ....
...... ......... ........ ...... ........... ....... ..... ........ ...... ....... ...
RICCARTON TIMBER COMPANY, LTD.
GUM TIMBER.
SUPER QUALITY
...... ......... ........ ...... ........... ....... ..... ........ ....
...... ......... ........ ...... ........... ....... ..... ........ ...... ....
...... ......... ........ ...... ........... ....... ..... ........ ...... ....... ...
...... ......... ........ ...... ........... ....... ..... ....
A. W. SCOTT.
PORTLAND
FRENCH'S OLD PORT,
...... ......... ........ ...... ........... ....... ..... ........ ....
...... ......... ........ ...... ........... ....... ..... ........ ...... ....
...... ......... ........ ...... ........... ....... ..... ........ ...... ....... ...
...... ......... ........ ...... ........... ....... ..... ....
...... ......... ........ ...... ........... ....... ..... ........ ..
FOR Sale,
...... ......... ........ ...... ........... ....... ..... ........ ....
...... ......... ........ ...... ........... ....... ..... ........ ...... ....
...... ......... ........ ...... ........... ....... ..... ........ ...... ....... ...
COAL
...... ......... ........ ...... ........... ....... ..... ........ ....
...... ......... ........ ...... ........... ....... ..... ........ ...... ....
...... ......... ........ ...... ........... ....... ..... ........ ...... ....... ...
ARE you
...... ......... ........ ...... ........... ....... ..... ........ ....
...... ......... ........ ...... ........... ....... ..... ........ ...... ....
...... ......... ........ ...... ........... ....... ..... ........ ...... ....... ...
J. M. MITCHELL'S
...... ......... ........ ...... ........... ....... ..... ........ ....
...... ......... ........ ...... ........... ....... ..... ........ ...... ....
...... ......... ........ ...... ........... ....... ..... ........ ...... ....... ...
...... ......... ........ ...... ........... ....... ..... ....
...... ......... ........ ...... ........... ....... ..... ........ ..
FOR SALE.
2000 SILVER PINE FENCING POSTS,
...... ......... ........ ...... ........... ....... ..... ........ ....
...... ......... ........ ...... ........... ....... ..... ........ ...... ....
...... ......... ........ ...... ........... ....... ..... ........ ...... ....... ...
STRATFORD, BLAIR, and CO., LTD.
J. M. MITCHELL'S
...... ......... ........ ...... ........... ....... ..... ........ ....
...... ......... ........ ...... ........... ....... ..... ........ ...... ....
...... ......... ........ ...... ........... ....... ..... ........ ...... ....... ...
...... ......... ........ ...... ........... ....... ..... ....
...... ......... ........ ...... ........... ....... ..... ........ ..
W. E. COOK AND COMPANY,
...... ......... ........ ...... ........... ....... ..... ........ ....
...... ......... ........ ...... ........... ....... ..... ........ ...... ....
...... ......... ........ ...... ........... ....... ..... ........ ...... ....... ...
...... ......... ........ ...... ........... ....... ..... ....
...... ......... ........ ...... ........... ....... ..... ........ ..
SEASON TWINE AND WOOLPACK
SEASON TWINE
...... ......... ........ ...... ........... ....... ..... ........ ....
...... ......... ........ ...... ........... ....... ..... ........ ...... ....
...... ......... ........ ...... ........... ....... ..... ........ ...... ....... ...
...... ......... ........ ...... ........... ....... ..... ....
STRAWBERRIES AND RASPBERRIES.
WAIMATE CHOICE DESSERT FRUITS.
...... ......... ........ ...... ........... ....... ..... ........ ....
...... ......... ........ ...... ........... ....... ..... ........ ...... ....
...... ......... ........ ...... ........... ....... ..... ........ ...... ....... ...
...... ......... ........ ...... ........... ....... ..... ....
...... ......... ........ ...... ........... ....... ..... ........ ..
DESSERT RASPBERRIES.
THIS season's
...... ......... ........ ...... ........... ....... ..... ........ ....
...... ......... ........ ...... ........... ....... ..... ........ ...... ....
...... ......... ........ ...... ........... ....... ..... ........ ...... ....... ...
...... ......... ........ ...... ........... ....... ..... ....
...... ......... ........ ...... ........... ....... ..... ........ ..
...... ......... ........ ...... ........... ....... ..... ........ ...... ..
C. E. MEREDITH, LTD.
PROPERTIES FOR SALE.
Twelve Words, One Shilling per Insertion; Three Insertions 2/6.
FOR Sale,
...... ......... ........ ...... ........... ....... ..... ........ ......
...... ......... ........ ...... ........... ....... ..... ........ ...... .......
...... ......... ........ ...... ........... ....... ..... ........ ...... ....... ......
£750
...... ......... ........ ...... ........... ....... ..... ........ ......
...... ......... ........ ...... ........... ....... ..... ........ ...... .......
...... ......... ........ ...... ........... ....... ..... ........ ...... ....... ......
£1475
...... ......... ........ ...... ........... ....... ..... ........ ......
...... ......... ........ ...... ........... ....... ..... ........ ...... .......
...... ......... ........ ...... ........... ....... ..... ........ ...... ....... ......
£1085
...... ......... ........ ...... ........... ....... ..... ........ ......
...... ......... ........ ...... ........... ....... ..... ........ ...... .......
...... ......... ........ ...... ........... ....... ..... ........ ...... ....... ......
£890
...... ......... ........ ...... ........... ....... ..... ........ ......
...... ......... ........ ...... ........... ....... ..... ........ ...... .......
...... ......... ........ ...... ........... ....... ..... ........ ...... ....... ......
FOR Sale
...... ......... ........ ...... ........... ....... ..... ........ ......
...... ......... ........ ...... ........... ....... ..... ........ ...... .......
...... ......... ........ ...... ........... ....... ..... ........ ...... ....... ......
£1290
...... ......... ........ ...... ........... ....... ..... ........ ......
...... ......... ........ ...... ........... ....... ..... ........ ...... .......
...... ......... ........ ...... ........... ....... ..... ........ ...... ....... ......
£1250
...... ......... ........ ...... ........... ....... ..... ........ ......
...... ......... ........ ...... ........... ....... ..... ........ ...... .......
...... ......... ........ ...... ........... ....... ..... ........ ...... ....... ......
£835
...... ......... ........ ...... ........... ....... ..... ........ ......
...... ......... ........ ...... ........... ....... ..... ........ ...... .......
...... ......... ........ ...... ........... ....... ..... ........ ...... ....... ......
£1190
...... ......... ........ ...... ........... ....... ..... ........ ......
...... ......... ........ ...... ........... ....... ..... ........ ...... .......
...... ......... ........ ...... ........... ....... ..... ........ ...... ....... ......
FOR Sale,
...... ......... ........ ...... ........... ....... ..... ........ ......
...... ......... ........ ...... ........... ....... ..... ........ ...... .......
...... ......... ........ ...... ........... ....... ..... ........ ...... ....... ......
£1090
...... ......... ........ ...... ........... ....... ..... ........ ......
...... ......... ........ ...... ........... ....... ..... ........ ...... .......
...... ......... ........ ...... ........... ....... ..... ........ ...... ....... ......
DON'T
...... ......... ........ ...... ........... ....... ..... ........ ......
...... ......... ........ ...... ........... ....... ..... ........ ...... .......
...... ......... ........ ...... ........... ....... ..... ........ ...... ....... ......
£775
...... ......... ........ ...... ........... ....... ..... ........ ......
...... ......... ........ ...... ........... ....... ..... ........ ...... .......
...... ......... ........ ...... ........... ....... ..... ........ ...... ....... ......
£250
...... ......... ........ ...... ........... ....... ..... ........ ......
...... ......... ........ ...... ........... ....... ..... ........ ...... .......
...... ......... ........ ...... ........... ....... ..... ........ ...... ....... ......
£1100
...... ......... ........ ...... ........... ....... ..... ........ ......
...... ......... ........ ...... ........... ....... ..... ........ ...... .......
...... ......... ........ ...... ........... ....... ..... ........ ...... ....... ......
FOR Sale,
...... ......... ........ ...... ........... ....... ..... ........ ......
...... ......... ........ ...... ........... ....... ..... ........ ...... .......
...... ......... ........ ...... ........... ....... ..... ........ ...... ....... ......
£100
...... ......... ........ ...... ........... ....... ..... ........ ......
...... ......... ........ ...... ........... ....... ..... ........ ...... .......
...... ......... ........ ...... ........... ....... ..... ........ ...... ....... ......
CITY FACTORY SITE.
A MAGNIFICENT
...... ......... ........ ...... ........... ....... ..... ........ ......
...... ......... ........ ...... ........... ....... ..... ........ ...... .......
...... ......... ........ ...... ........... ....... ..... ........ ...... ....... ......
...... ......... ........ ...... ........... ....... ..... .......
EXCEPTIONAL
...... ......... ........ ...... ........... ....... ..... ........ ......
...... ......... ........ ...... ........... ....... ..... ........ ...... .......
...... ......... ........ ...... ........... ....... ..... ........ ...... ....... ......
£450
...... ......... ........ ...... ........... ....... ..... ........ ......
...... ......... ........ ...... ........... ....... ..... ........ ...... .......
...... ......... ........ ...... ........... ....... ..... ........ ...... ....... ......
BEAUTIFUL
...... ......... ........ ...... ........... ....... ..... ........ ......
...... ......... ........ ...... ........... ....... ..... ........ ...... .......
...... ......... ........ ...... ........... ....... ..... ........ ...... ....... ......
£50
...... ......... ........ ...... ........... ....... ..... ........ ......
...... ......... ........ ...... ........... ....... ..... ........ ...... .......
...... ......... ........ ...... ........... ....... ..... ........ ...... ....... ......
£200
...... ......... ........ ...... ........... ....... ..... ........ ......
...... ......... ........ ...... ........... ....... ..... ........ ...... .......
...... ......... ........ ...... ........... ....... ..... ........ ...... ....... ......
£370
...... ......... ........ ...... ........... ....... ..... ........ ......
...... ......... ........ ...... ........... ....... ..... ........ ...... .......
...... ......... ........ ...... ........... ....... ..... ........ ...... ....... ......
GOVERNMENT VALUATION £1200.
SITUATED IN ONE OF THE PRETTIEST SUBURBS OF CHRISTCHURCH
...... ......... ........ ...... ........... ....... ..... ........ ......
...... ......... ........ ...... ........... ....... ..... ........ ...... .......
...... ......... ........ ...... ........... ....... ..... ........ ...... ....... ......
...... ......... ........ ...... ........... ....... ..... .......
...... ......... ........ ...... ........... ....... ..... ........ .....
...... ......... ........ ...... ........... ....... ..... ........ ...... .....
...... ......... ........ ...... ........... ....... ..... ........ ...... ....... ....
...... ......... ........ ...... ........... ....... ..... .....
...... ......... ........ ...... ........... ....... ..... ........ ...
...... ......... ........ ...... ........... ....... ..... ........ ...... ...
HUTCHINSON, WHITE AND CO.
£1250
...... ......... ........ ...... ........... ....... ..... ........ ......
...... ......... ........ ...... ........... ....... ..... ........ ...... .......
...... ......... ........ ...... ........... ....... ..... ........ ...... ....... ......
...... ......... ........ ...... ........... ....... ..... .......
CHAS. W. HAYNES AND CO.
£950
...... ......... ........ ...... ........... ....... ..... ........ ......
...... ......... ........ ...... ........... ....... ..... ........ ...... .......
...... ......... ........ ...... ........... ....... ..... ........ ...... ....... ......
...... ......... ........ ...... ........... ....... ..... .......
£850
...... ......... ........ ...... ........... ....... ..... ........ ......
...... ......... ........ ...... ........... ....... ..... ........ ...... .......
...... ......... ........ ...... ........... ....... ..... ........ ...... ....... ......
...... ......... ........ ...... ........... ....... ..... .......
CHAS. W. HAYNES AND CO.
ST. Albans
...... ......... ........ ...... ........... ....... ..... ........ ......
...... ......... ........ ...... ........... ....... ..... ........ ...... .......
...... ......... ........ ...... ........... ....... ..... ........ ...... ....... ......
FOR SALE.
CITY PAPANUI ROAD
...... ......... ........ ...... ........... ....... ..... ........ ......
...... ......... ........ ...... ........... ....... ..... ........ ...... .......
...... ......... ........ ...... ........... ....... ..... ........ ...... ....... ......
...... ......... ........ ...... ........... ....... ..... .......
...... ......... ........ ...... ........... ....... ..... ........ .....
...... ......... ........ ...... ........... ....... ..... ........ ...... .....
...... ......... ........ ...... ........... ....... ..... ........ ...... ....... ....
RONALD FISHER.
CANTERBURY'S BEST.
FARM FOR EXCHANGE.
...... ......... ........ ...... ........... ....... ..... ........ ......
...... ......... ........ ...... ........... ....... ..... ........ ...... .......
...... ......... ........ ...... ........... ....... ..... ........ ...... ....... ......
...... ......... ........ ...... ........... ....... ..... .......
...... ......... ........ ...... ........... ....... ..... ........ .....
...... ......... ........ ...... ........... ....... ..... ........ ...... .....
...... ......... ........ ...... ........... ....... ..... ........ ...... ....... ....
...... ......... ........ ...... ........... ....... ..... .....
WE CAN RECOMMEND THE PROPERTIES.
1000
...... ......... ........ ...... ........... ....... ..... ........ ......
...... ......... ........ ...... ........... ....... ..... ........ ...... .......
...... ......... ........ ...... ........... ....... ..... ........ ...... ....... ......
PROPERTIES FOR SALE.
Twelve Words, One Shilling per Insertion; Three Insertions 2/6.
80 ACRES,
...... ......... ........ ...... ........... ....... ..... ........ ...... ...
...... ......... ........ ...... ........... ....... ..... ........ ...... ....... ..
...... ......... ........ ...... ........... ....... ..... ...
40,000 ACRES.
Rent £250.
...... ......... ........ ...... ........... ....... ..... ........ ...... ...
...... ......... ........ ...... ........... ....... ..... ........ ...... ....... ..
...... ......... ........ ...... ........... ....... ..... ...
...... ......... ........ ...... ........... ....... ..... ........ .
CITY INVESTMENT.
THREE SHOPS AND GARAGE FOR SALE
...... ......... ........ ...... ........... ....... ..... ........ ...... ...
...... ......... ........ ...... ........... ....... ..... ........ ...... ....... ..
...... ......... ........ ...... ........... ....... ..... ...
...... ......... ........ ...... ........... ....... ..... ........ .
PERPETUAL TRUSTEES CO., LTD.
SAVE MONEY BY BUYING YOUR SECTION IN FERGUSON AVENUE SUBDIVISION
...... ......... ........ ...... ........... ....... ..... ........ ...... ...
...... ......... ........ ...... ........... ....... ..... ........ ...... ....... ..
...... ......... ........ ...... ........... ....... ..... ...
...... ......... ........ ...... ........... ....... ..... ........ .
...... ......... ........ ...... ........... ....... ..... ........ ...... .
...... ......... ........ ...... ........... ....... ..... ........ ...... .......
H. S. RICHARDS AND SON.
MOTORS AND CYCLES.
PROFICIENCY EXAMINATION AND REWARDS FOR GOOD CONDUCT.
...... ......... ........ ...... ........... ....... ..... ........ ...... ...
...... ......... ........ ...... ........... ....... ..... ........ ...... ....... ..
...... ......... ........ ...... ........... ....... ..... ...
...... ......... ........ ...... ........... ....... ..... ........ .
...... ......... ........ ...... ........... ....... ..... ........ ...... .
...... ......... ........ ...... ........... ....... ..... ........ ...... .......
...... ......... ........ ...... ........... ....... ..... .
...... ......... ........ ...... ........... ....... ..... ........
A. BRITTEN, Proprietor.
AUTOMOBILES
12-20 H.P. SEDAN
...... ......... ........ ...... ........... ....... ..... ........ ...... ...
...... ......... ........ ...... ........... ....... ..... ........ ...... ....... ..
...... ......... ........ ...... ........... ....... ..... ...
...... ......... ........ ...... ........... ....... ..... ........ .
...... ......... ........ ...... ........... ....... ..... ........ ...... .
CRIGHTON & CO.
A FEW REAL BARGAINS.
...... ......... ........ ...... ........... ....... ..... ........ ...... ...
...... ......... ........ ...... ........... ....... ..... ........ ...... ....... ..
...... ......... ........ ...... ........... ....... ..... ...
...... ......... ........ ...... ........... ....... ..... ........ .
...... ......... ........ ...... ........... ....... ..... ........ ...... .
...... ......... ........ ...... ........... ....... ..... ........ ...... .......
...... ......... ........ ...... ........... ....... ..... .
...... ......... ........ ...... ........... ....... ..... ........
TRICE BROS., LTD.
1922 DODGE TOURER.
...... ......... ........ ...... ........... ....... ..... ........ ...... ...
...... ......... ........ ...... ........... ....... ..... ........ ...... ....... ..
...... ......... ........ ...... ........... ....... ..... ...
...... ......... ........ ...... ........... ....... ..... ........ .
RENAULT
...... ......... ........ ...... ........... ....... ..... ........ ...... ...
...... ......... ........ ...... ........... ....... ..... ........ ...... ....... ..
...... ......... ........ ...... ........... ....... ..... ...
DAVID CROZIER, LTD.
£110. SPECIAL OFFER.
BUICK
...... ......... ........ ...... ........... ....... ..... ........ ...... ...
...... ......... ........ ...... ........... ....... ..... ........ ...... ....... ..
...... ......... ........ ...... ........... ....... ..... ...
...... ......... ........ ...... ........... ....... ..... ........ .
WANTED,
...... ......... ........ ...... ........... ....... ..... ........ ...... ...
...... ......... ........ ...... ........... ....... ..... ........ ...... ....... ..
...... ......... ........ ...... ........... ....... ..... ...
FOR Sale,
...... ......... ........ ...... ........... ....... ..... ........ ...... ...
...... ......... ........ ...... ........... ....... ..... ........ ...... ....... ..
...... ......... ........ ...... ........... ....... ..... ...
LADY'S
...... ......... ........ ...... ........... ....... ..... ........ ...... ...
...... ......... ........ ...... ........... ....... ..... ........ ...... ....... ..
...... ......... ........ ...... ........... ....... ..... ...
BUY
...... ......... ........ ...... ........... ....... ..... ........ ...... ...
...... ......... ........ ...... ........... ....... ..... ........ ...... ....... ..
...... ......... ........ ...... ........... ....... ..... ...
LADY'S
...... ......... ........ ...... ........... ....... ..... ........ ...... ...
...... ......... ........ ...... ........... ....... ..... ........ ...... ....... ..
...... ......... ........ ...... ........... ....... ..... ...
MISCELLANEOUS.
MADE-TO-MEASURE SUITS
...... ......... ........ ...... ........... ....... ..... ........ ...... ...
...... ......... ........ ...... ........... ....... ..... ........ ...... ....... ..
...... ......... ........ ...... ........... ....... ..... ...
...... ......... ........ ...... ........... ....... ..... ........ .
...... ......... ........ ...... ........... ....... ..... ........ ...... .
VALUE TAILORS
SHRUBSALL'S
...... ......... ........ ...... ........... ....... ..... ........ ...... ...
...... ......... ........ ...... ........... ....... ..... ........ ...... ....... ..
...... ......... ........ ...... ........... ....... ..... ...
...... ......... ........ ...... ........... ....... ..... ........ .
TO
...... ......... ........ ...... ........... ....... ..... ........ ...... ...
...... ......... ........ ...... ........... ....... ..... ........ ...... ....... ..
...... ......... ........ ...... ........... ....... ..... ...
CRINOLINES.
...... ......... ........ ...... ........... ....... ..... ........ ...... ...
...... ......... ........ ...... ........... ....... ..... ........ ...... ....... ..
...... ......... ........ ...... ........... ....... ..... ...
WHAT
...... ......... ........ ...... ........... ....... ..... ........ ...... ...
...... ......... ........ ...... ........... ....... ..... ........ ...... ....... ..
...... ......... ........ ...... ........... ....... ..... ...
UNIVERSAL
...... ......... ........ ...... ........... ....... ..... ........ ...... ...
...... ......... ........ ...... ........... ....... ..... ........ ...... ....... ..
...... ......... ........ ...... ........... ....... ..... ...
MUSIC
...... ......... ........ ...... ........... ....... ..... ........ ...... ...
...... ......... ........ ...... ........... ....... ..... ........ ...... ....... ..
...... ......... ........ ...... ........... ....... ..... ...
20/6
...... ......... ........ ...... ........... ....... ..... ........ ...... ...
...... ......... ........ ...... ........... ....... ..... ........ ...... ....... ..
...... ......... ........ ...... ........... ....... ..... ...
A GOOD
...... ......... ........ ...... ........... ....... ..... ........ ...... ...
...... ......... ........ ...... ........... ....... ..... ........ ...... ....... ..
...... ......... ........ ...... ........... ....... ..... ...
GOOD
...... ......... ........ ...... ........... ....... ..... ........ ...... ...
...... ......... ........ ...... ........... ....... ..... ........ ...... ....... ..
...... ......... ........ ...... ........... ....... ..... ...
WANTED
...... ......... ........ ...... ........... ....... ..... ........ ...... ...
...... ......... ........ ...... ........... ....... ..... ........ ...... ....... ..
...... ......... ........ ...... ........... ....... ..... ...
THE
...... ......... ........ ...... ........... ....... ..... ........ ...... ...
...... ......... ........ ...... ........... ....... ..... ........ ...... ....... ..
...... ......... ........ ...... ........... ....... ..... ...
WANTED
...... ......... ........ ...... ........... ....... ..... ........ ...... ...
...... ......... ........ ...... ........... ....... ..... ........ ...... ....... ..
...... ......... ........ ...... ........... ....... ..... ...
1000
...... ......... ........ ...... ........... ....... ..... ........ ...... ...
...... ......... ........ ...... ........... ....... ..... ........ ...... ....... ..
...... ......... ........ ...... ........... ....... ..... ...
BUSINESSES FOR SALE.
Twelve Words, One Shilling per Insertion; Three Insertions 2/6.
FOR SALE,
...... ......... ........ ...... ........... ....... ..... ........ ...... ......
...... ......... ........ ...... ........... ....... ..... ........ ...... ....... .....
...... ......... ........ ...... ........... ....... ..... ......
...... ......... ........ ...... ........... ....... ..... ........ ....
...... ......... ........ ...... ........... ....... ..... ........ ...... ....
...... ......... ........ ...... ........... ....... ..... ........ ...... ....... ...
...... ......... ........ ...... ........... ....... ..... ....
...... ......... ........ ...... ........... ....... ..... ........ ..
OPPORTUNITY.
PASTRYCOOK AND CONFECTIONER BUSINESS FOR SALE.
...... ......... ........ ...... ........... ....... ..... ........ ...... ......
...... ......... ........ ...... ........... ....... ..... ........ ...... ....... .....
...... ......... ........ ...... ........... ....... ..... ......
...... ......... ........ ...... ........... ....... ..... ........ ....
...... ......... ........ ...... ........... ....... ..... ........ ...... ....
...... ......... ........ ...... ........... ....... ..... ........ ...... ....... ...
...... ......... ........ ...... ........... ....... ..... ....
...... ......... ........ ...... ........... ....... ..... ........ ..
GOLDINGHAM AND BECKETT, LTD.
£200
...... ......... ........ ...... ........... ....... ..... ........ ...... ......
...... ......... ........ ...... ........... ....... ..... ........ ...... ....... .....
...... ......... ........ ...... ........... ....... ..... ......
...... ......... ........ ...... ........... ....... ..... ........ ....
...... ......... ........ ...... ........... ....... ..... ........ ...... ....
...... ......... ........ ...... ........... ....... ..... ........ ...... ....... ...
CITY GROCERY BUSINESS FOR SALE.
TURNOVER £100 WEEKLY.
...... ......... ........ ...... ........... ....... ..... ........ ...... ......
...... ......... ........ ...... ........... ....... ..... ........ ...... ....... .....
...... ......... ........ ...... ........... ....... ..... ......
...... ......... ........ ...... ........... ....... ..... ........ ....
...... ......... ........ ...... ........... ....... ..... ........ ...... ....
"ACCOUNTANT,"
THE AMBERLEY STORE
GROCERY AND DRAPERY BUSINESS
...... ......... ........ ...... ........... ....... ..... ........ ...... ......
...... ......... ........ ...... ........... ....... ..... ........ ...... ....... .....
...... ......... ........ ...... ........... ....... ..... ......
...... ......... ........ ...... ........... ....... ..... ........ ....
...... ......... ........ ...... ........... ....... ..... ........ ...... ....
...... ......... ........ ...... ........... ....... ..... ........ ...... ....... ...
GENERAL
...... ......... ........ ...... ........... ....... ..... ........ ...... ......
...... ......... ........ ...... ........... ....... ..... ........ ...... ....... .....
...... ......... ........ ...... ........... ....... ..... ......
CITY
...... ......... ........ ...... ........... ....... ..... ........ ...... ......
...... ......... ........ ...... ........... ....... ..... ........ ...... ....... .....
...... ......... ........ ...... ........... ....... ..... ......
£85
...... ......... ........ ...... ........... ....... ..... ........ ...... ......
...... ......... ........ ...... ........... ....... ..... ........ ...... ....... .....
...... ......... ........ ...... ........... ....... ..... ......
£400
...... ......... ........ ...... ........... ....... ..... ........ ...... ......
...... ......... ........ ...... ........... ....... ..... ........ ...... ....... .....
...... ......... ........ ...... ........... ....... ..... ......
BOARD AND RESIDENCE.
BOARD
...... ......... ........ ...... ........... ....... ..... ........ ...... ......
...... ......... ........ ...... ........... ....... ..... ........ ...... ....... .....
...... ......... ........ ...... ........... ....... ..... ......
A CCOMMODATION
...... ......... ........ ...... ........... ....... ..... ........ ...... ......
...... ......... ........ ...... ........... ....... ..... ........ ...... ....... .....
...... ......... ........ ...... ........... ....... ..... ......
BOARD
...... ......... ........ ...... ........... ....... ..... ........ ...... ......
...... ......... ........ ...... ........... ....... ..... ........ ...... ....... .....
...... ......... ........ ...... ........... ....... ..... ......
BALLINA
...... ......... ........ ...... ........... ....... ..... ........ ...... ......
...... ......... ........ ...... ........... ....... ..... ........ ...... ....... .....
...... ......... ........ ...... ........... ....... ..... ......
MUSIC
...... ......... ........ ...... ........... ....... ..... ........ ...... ......
...... ......... ........ ...... ........... ....... ..... ........ ...... ....... .....
...... ......... ........ ...... ........... ....... ..... ......
VISITORS
...... ......... ........ ...... ........... ....... ..... ........ ...... ......
...... ......... ........ ...... ........... ....... ..... ........ ...... ....... .....
...... ......... ........ ...... ........... ....... ..... ......
PROFESSIONAL GENTLEMEN SEEKING BOARD AND LODGING
WITH REFINED PRIVATE FAMILY.
...... ......... ........ ...... ........... ....... ..... ........ ...... ......
...... ......... ........ ...... ........... ....... ..... ........ ...... ....... .....
...... ......... ........ ...... ........... ....... ..... ......
WHERE TO STAY IN NEW BRIGHTON.
BRIGHTON
...... ......... ........ ...... ........... ....... ..... ........ ...... ......
...... ......... ........ ...... ........... ....... ..... ........ ...... ....... .....
...... ......... ........ ...... ........... ....... ..... ......
...... ......... ........ ...... ........... ....... ..... ........ ....
...... ......... ........ ...... ........... ....... ..... ........ ...... ....
KENILWORTH
PRIVATE HOTEL
...... ......... ........ ...... ........... ....... ..... ........ ...... ......
...... ......... ........ ...... ........... ....... ..... ........ ...... ....... .....
...... ......... ........ ...... ........... ....... ..... ......
...... ......... ........ ...... ........... ....... ..... ........ ....
HEALTHY CASHMERE HILLS.
CASHMERE
...... ......... ........ ...... ........... ....... ..... ........ ...... ......
...... ......... ........ ...... ........... ....... ..... ........ ...... ....... .....
...... ......... ........ ...... ........... ....... ..... ......
...... ......... ........ ...... ........... ....... ..... ........ ....
WARRINGTON.
VISIT
...... ......... ........ ...... ........... ....... ..... ........ ...... ......
...... ......... ........ ...... ........... ....... ..... ........ ...... ....... .....
...... ......... ........ ...... ........... ....... ..... ......
...... ......... ........ ...... ........... ....... ..... ........ ....
...... ......... ........ ...... ........... ....... ..... ........ ...... ....
MRS B. LAVERTY.
WHERE TO STAY IN TIMARU.
STATHCOURT HOTEL
...... ......... ........ ...... ........... ....... ..... ........ ...... ......
...... ......... ........ ...... ........... ....... ..... ........ ...... ....... .....
...... ......... ........ ...... ........... ....... ..... ......
...... ......... ........ ...... ........... ....... ..... ........ ....
H. D. PRESTON.
ST. ELMO PRIVATE HOTEL,
...... ......... ........ ...... ........... ....... ..... ........ ...... ......
...... ......... ........ ...... ........... ....... ..... ........ ...... ....... .....
...... ......... ........ ...... ........... ....... ..... ......
...... ......... ........ ...... ........... ....... ..... ........ ....
BEACHCLIFFE,
...... ......... ........ ...... ........... ....... ..... ........ ...... ......
...... ......... ........ ...... ........... ....... ..... ........ ...... ....... .....
...... ......... ........ ...... ........... ....... ..... ......
JUBILEE
...... ......... ........ ...... ........... ....... ..... ........ ...... ......
...... ......... ........ ...... ........... ....... ..... ........ ...... ....... .....
...... ......... ........ ...... ........... ....... ..... ......
AGENCIES VACANT.
BUSINESS OPPORTUNITY.
...... ......... ........ ...... ........... ....... ..... ........ ...... ......
...... ......... ........ ...... ........... ....... ..... ........ ...... ....... .....
...... ......... ........ ...... ........... ....... ..... ......
...... ......... ........ ...... ........... ....... ..... ........ ....
...... ......... ........ ...... ........... ....... ..... ........ ...... ....
...... ......... ........ ...... ........... ....... ..... ........ ...... ....... ...
...... ......... ........ ...... ........... ....... ..... ....
WANTED KNOWN.
FROM 59/6
...... ......... ........ ...... ........... ....... ..... ........ ...... ......
...... ......... ........ ...... ........... ....... ..... ........ ...... ....... .....
...... ......... ........ ...... ........... ....... ..... ......
...... ......... ........ ...... ........... ....... ..... ........ ....
...... ......... ........ ...... ........... ....... ..... ........ ...... ....
...... ......... ........ ...... ........... ....... ..... ........ ...... ....... ...
